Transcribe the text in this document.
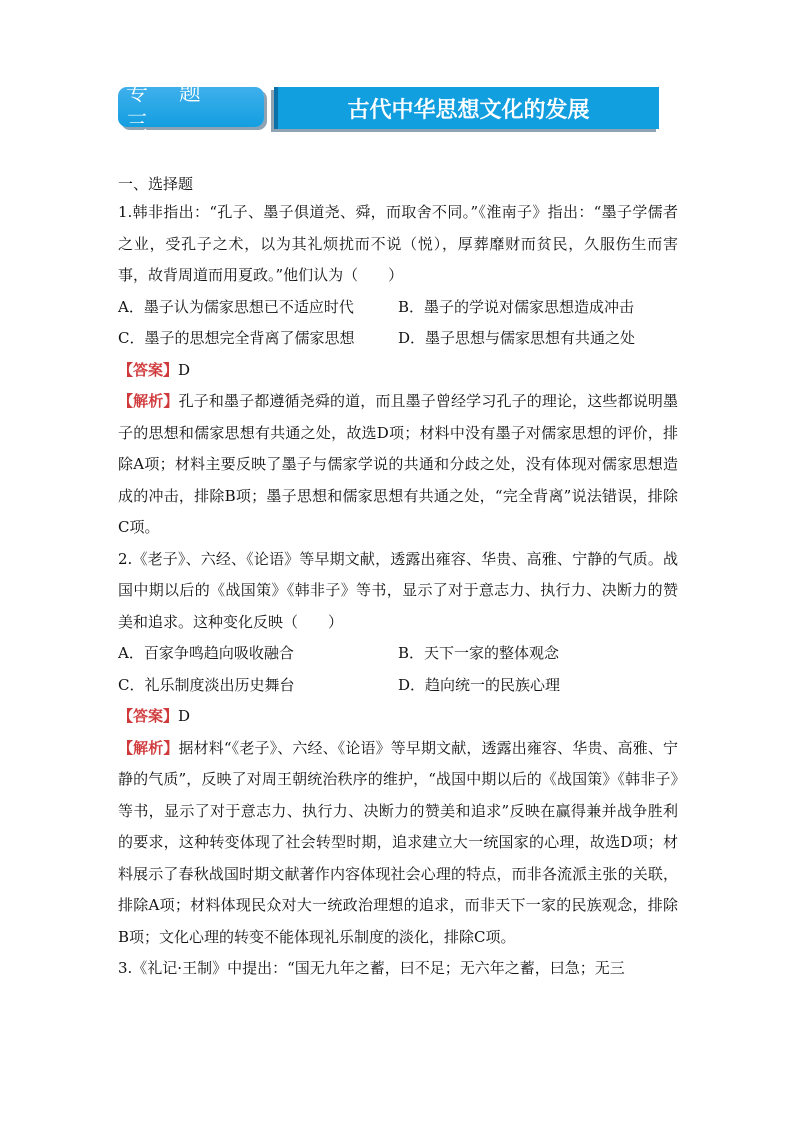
专 题 三
古代中华思想文化的发展

一、选择题

1.韩非指出：“孔子、墨子俱道尧、舜，而取舍不同。”《淮南子》指出：“墨子学儒者之业，受孔子之术，以为其礼烦扰而不说（悦），厚葬靡财而贫民，久服伤生而害事，故背周道而用夏政。”他们认为（　　）

A．墨子认为儒家思想已不适应时代	B．墨子的学说对儒家思想造成冲击
C．墨子的思想完全背离了儒家思想	D．墨子思想与儒家思想有共通之处

【答案】D

【解析】孔子和墨子都遵循尧舜的道，而且墨子曾经学习孔子的理论，这些都说明墨子的思想和儒家思想有共通之处，故选D项；材料中没有墨子对儒家思想的评价，排除A项；材料主要反映了墨子与儒家学说的共通和分歧之处，没有体现对儒家思想造成的冲击，排除B项；墨子思想和儒家思想有共通之处，“完全背离”说法错误，排除C项。

2.《老子》、六经、《论语》等早期文献，透露出雍容、华贵、高雅、宁静的气质。战国中期以后的《战国策》《韩非子》等书，显示了对于意志力、执行力、决断力的赞美和追求。这种变化反映（　　）

A．百家争鸣趋向吸收融合	B．天下一家的整体观念
C．礼乐制度淡出历史舞台	D．趋向统一的民族心理

【答案】D

【解析】据材料“《老子》、六经、《论语》等早期文献，透露出雍容、华贵、高雅、宁静的气质”，反映了对周王朝统治秩序的维护，“战国中期以后的《战国策》《韩非子》等书，显示了对于意志力、执行力、决断力的赞美和追求”反映在赢得兼并战争胜利的要求，这种转变体现了社会转型时期，追求建立大一统国家的心理，故选D项；材料展示了春秋战国时期文献著作内容体现社会心理的特点，而非各流派主张的关联，排除A项；材料体现民众对大一统政治理想的追求，而非天下一家的民族观念，排除B项；文化心理的转变不能体现礼乐制度的淡化，排除C项。

3.《礼记·王制》中提出：“国无九年之蓄，曰不足；无六年之蓄，曰急；无三
